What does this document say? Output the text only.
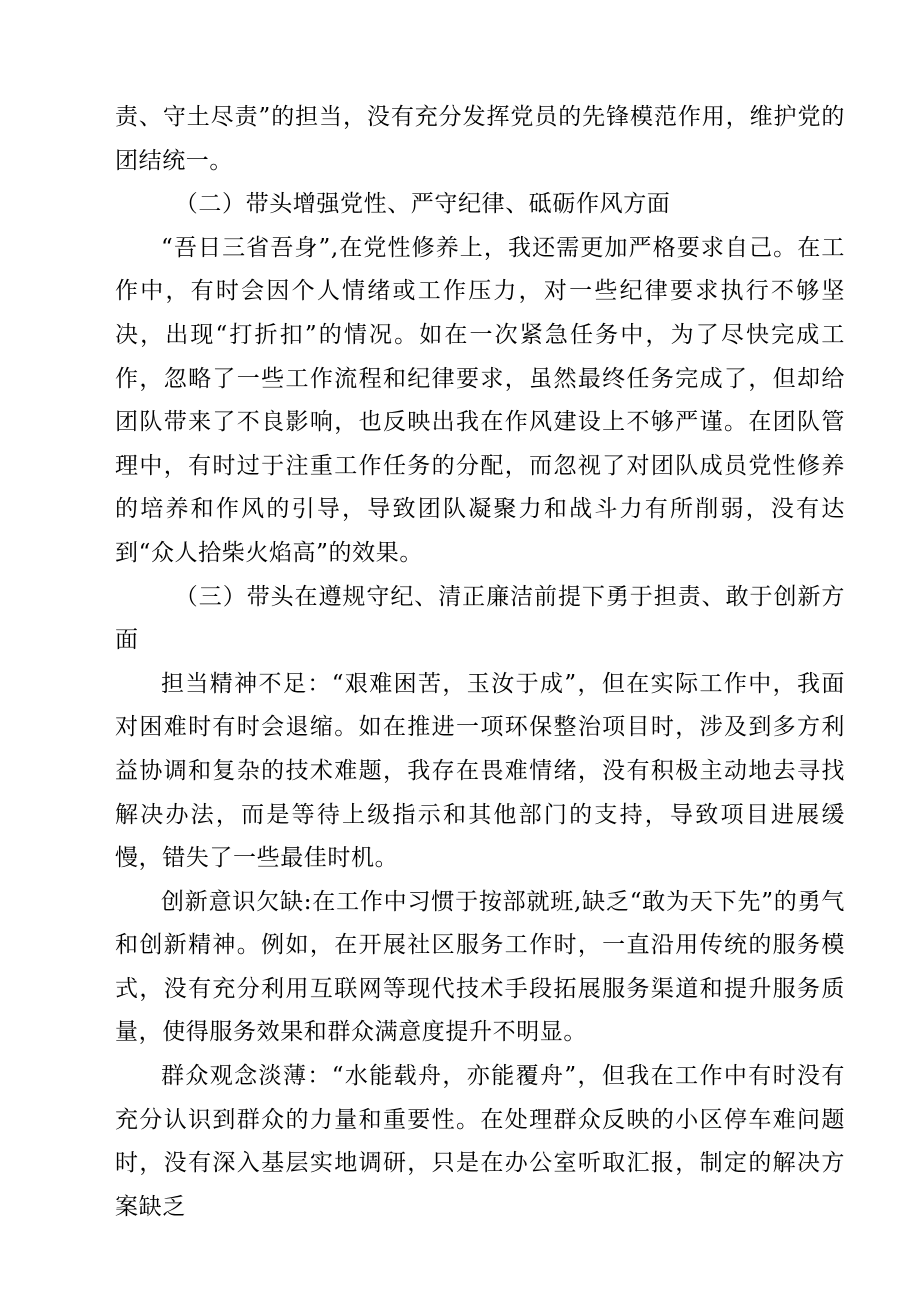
责、守土尽责”的担当，没有充分发挥党员的先锋模范作用，维护党的团结统一。

（二）带头增强党性、严守纪律、砥砺作风方面

“吾日三省吾身”,在党性修养上，我还需更加严格要求自己。在工作中，有时会因个人情绪或工作压力，对一些纪律要求执行不够坚决，出现“打折扣”的情况。如在一次紧急任务中，为了尽快完成工作，忽略了一些工作流程和纪律要求，虽然最终任务完成了，但却给团队带来了不良影响，也反映出我在作风建设上不够严谨。在团队管理中，有时过于注重工作任务的分配，而忽视了对团队成员党性修养的培养和作风的引导，导致团队凝聚力和战斗力有所削弱，没有达到“众人拾柴火焰高”的效果。

（三）带头在遵规守纪、清正廉洁前提下勇于担责、敢于创新方面

担当精神不足：“艰难困苦，玉汝于成”，但在实际工作中，我面对困难时有时会退缩。如在推进一项环保整治项目时，涉及到多方利益协调和复杂的技术难题，我存在畏难情绪，没有积极主动地去寻找解决办法，而是等待上级指示和其他部门的支持，导致项目进展缓慢，错失了一些最佳时机。

创新意识欠缺:在工作中习惯于按部就班,缺乏“敢为天下先”的勇气和创新精神。例如，在开展社区服务工作时，一直沿用传统的服务模式，没有充分利用互联网等现代技术手段拓展服务渠道和提升服务质量，使得服务效果和群众满意度提升不明显。

群众观念淡薄：“水能载舟，亦能覆舟”，但我在工作中有时没有充分认识到群众的力量和重要性。在处理群众反映的小区停车难问题时，没有深入基层实地调研，只是在办公室听取汇报，制定的解决方案缺乏
